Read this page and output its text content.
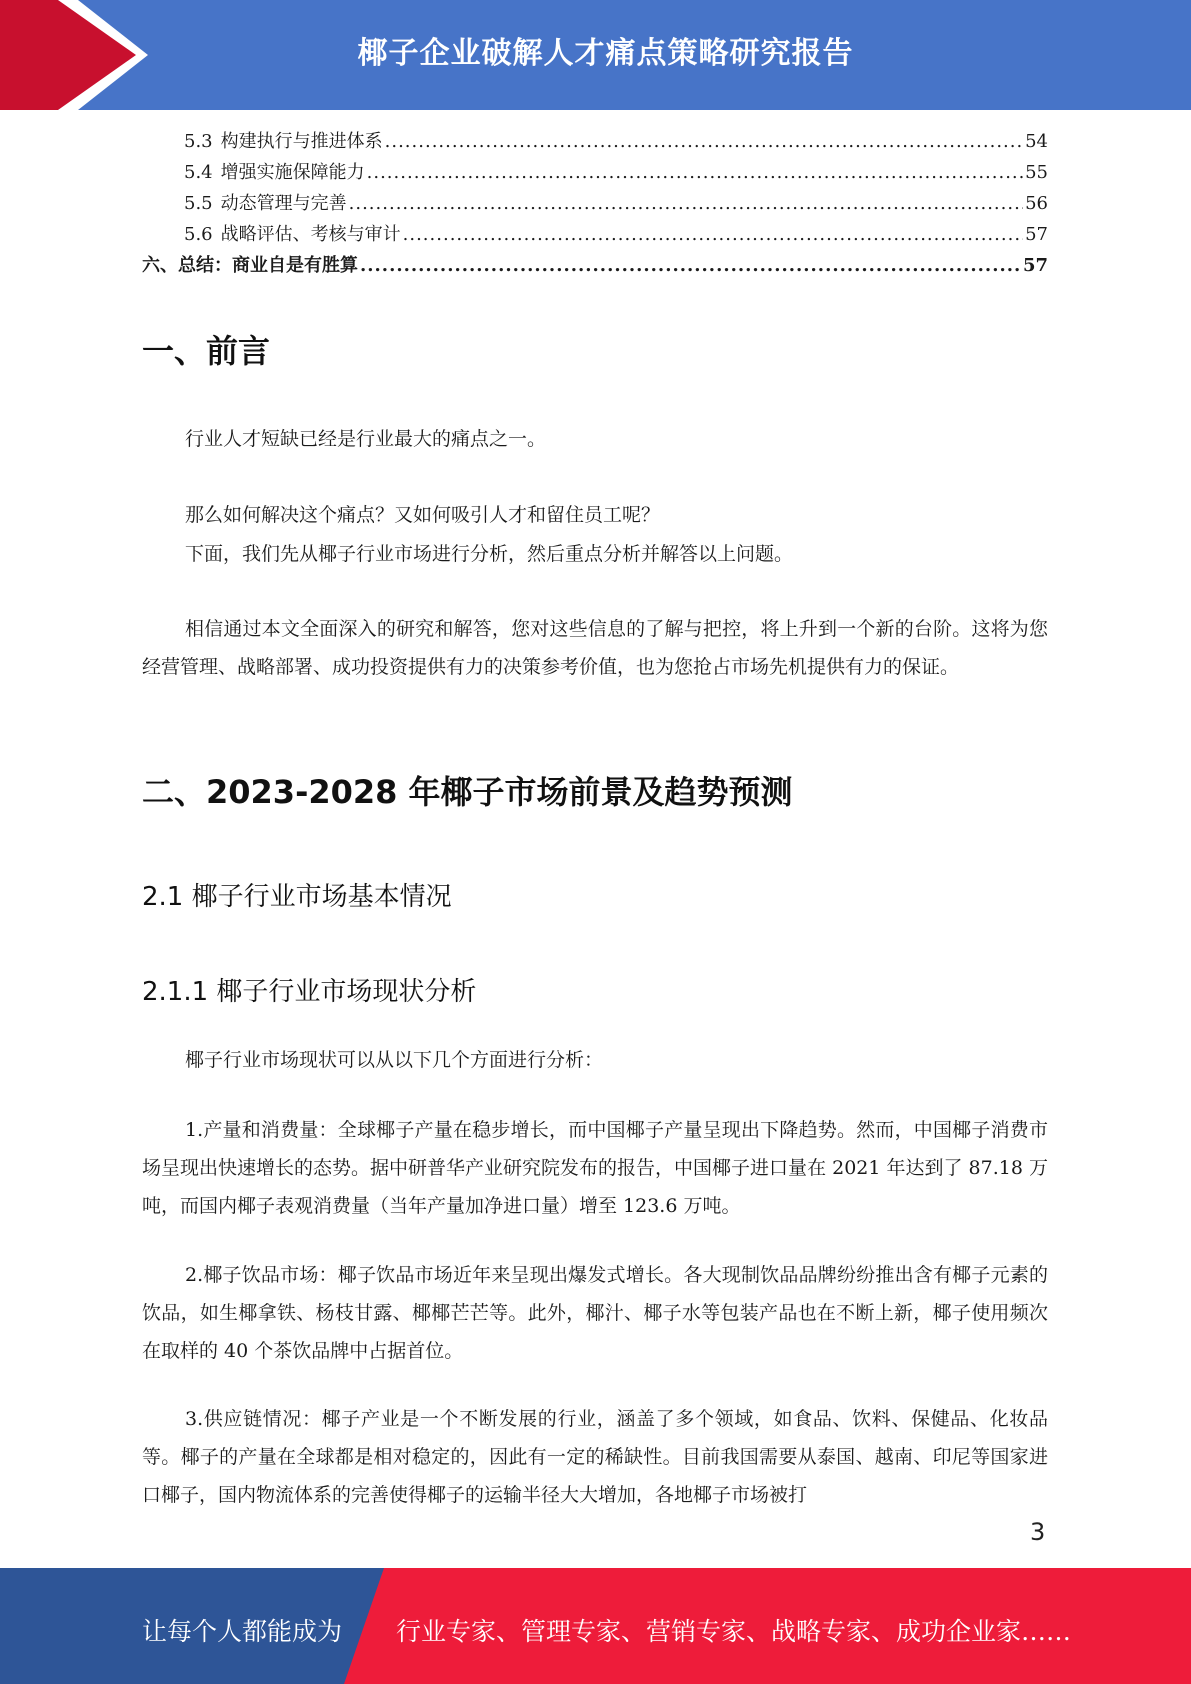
椰子企业破解人才痛点策略研究报告
5.3 构建执行与推进体系 .....	54
5.4 增强实施保障能力 .....	55
5.5 动态管理与完善 .....	56
5.6 战略评估、考核与审计 .....	57
六、总结：商业自是有胜算 .....	57
一、前言

行业人才短缺已经是行业最大的痛点之一。

那么如何解决这个痛点？又如何吸引人才和留住员工呢？

下面，我们先从椰子行业市场进行分析，然后重点分析并解答以上问题。

相信通过本文全面深入的研究和解答，您对这些信息的了解与把控，将上升到一个新的台阶。这将为您经营管理、战略部署、成功投资提供有力的决策参考价值，也为您抢占市场先机提供有力的保证。

二、2023-2028 年椰子市场前景及趋势预测
2.1 椰子行业市场基本情况
2.1.1 椰子行业市场现状分析

椰子行业市场现状可以从以下几个方面进行分析：

1.产量和消费量：全球椰子产量在稳步增长，而中国椰子产量呈现出下降趋势。然而，中国椰子消费市场呈现出快速增长的态势。据中研普华产业研究院发布的报告，中国椰子进口量在 2021 年达到了 87.18 万吨，而国内椰子表观消费量（当年产量加净进口量）增至 123.6 万吨。

2.椰子饮品市场：椰子饮品市场近年来呈现出爆发式增长。各大现制饮品品牌纷纷推出含有椰子元素的饮品，如生椰拿铁、杨枝甘露、椰椰芒芒等。此外，椰汁、椰子水等包装产品也在不断上新，椰子使用频次在取样的 40 个茶饮品牌中占据首位。

3.供应链情况：椰子产业是一个不断发展的行业，涵盖了多个领域，如食品、饮料、保健品、化妆品等。椰子的产量在全球都是相对稳定的，因此有一定的稀缺性。目前我国需要从泰国、越南、印尼等国家进口椰子，国内物流体系的完善使得椰子的运输半径大大增加，各地椰子市场被打

3
让每个人都能成为 行业专家、管理专家、营销专家、战略专家、成功企业家……
